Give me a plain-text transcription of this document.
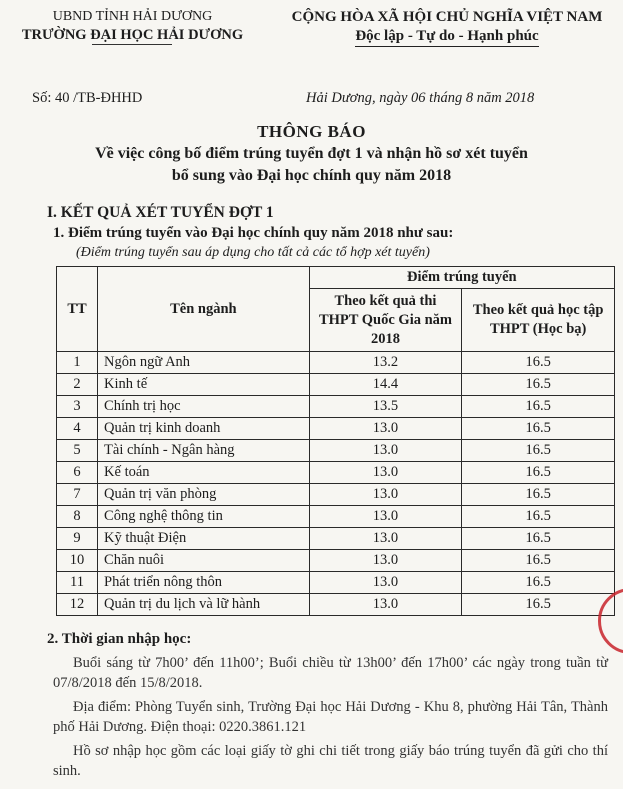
UBND TỈNH HẢI DƯƠNG
TRƯỜNG ĐẠI HỌC HẢI DƯƠNG
CỘNG HÒA XÃ HỘI CHỦ NGHĨA VIỆT NAM
Độc lập - Tự do - Hạnh phúc
Số: 40 /TB-ĐHHD	Hải Dương, ngày 06 tháng 8 năm 2018
THÔNG BÁO
Về việc công bố điểm trúng tuyển đợt 1 và nhận hồ sơ xét tuyển
bổ sung vào Đại học chính quy năm 2018
I. KẾT QUẢ XÉT TUYỂN ĐỢT 1
1. Điểm trúng tuyển vào Đại học chính quy năm 2018 như sau:
(Điểm trúng tuyển sau áp dụng cho tất cả các tổ hợp xét tuyển)
TT	Tên ngành	Điểm trúng tuyển	
		Theo kết quả thi THPT Quốc Gia năm 2018	Theo kết quả học tập THPT (Học bạ)
1	Ngôn ngữ Anh	13.2	16.5
2	Kinh tế	14.4	16.5
3	Chính trị học	13.5	16.5
4	Quản trị kinh doanh	13.0	16.5
5	Tài chính - Ngân hàng	13.0	16.5
6	Kế toán	13.0	16.5
7	Quản trị văn phòng	13.0	16.5
8	Công nghệ thông tin	13.0	16.5
9	Kỹ thuật Điện	13.0	16.5
10	Chăn nuôi	13.0	16.5
11	Phát triển nông thôn	13.0	16.5
12	Quản trị du lịch và lữ hành	13.0	16.5
2. Thời gian nhập học:
Buổi sáng từ 7h00’ đến 11h00’; Buổi chiều từ 13h00’ đến 17h00’ các ngày trong tuần từ 07/8/2018 đến 15/8/2018.
Địa điểm: Phòng Tuyển sinh, Trường Đại học Hải Dương - Khu 8, phường Hải Tân, Thành phố Hải Dương. Điện thoại: 0220.3861.121
Hồ sơ nhập học gồm các loại giấy tờ ghi chi tiết trong giấy báo trúng tuyển đã gửi cho thí sinh.
